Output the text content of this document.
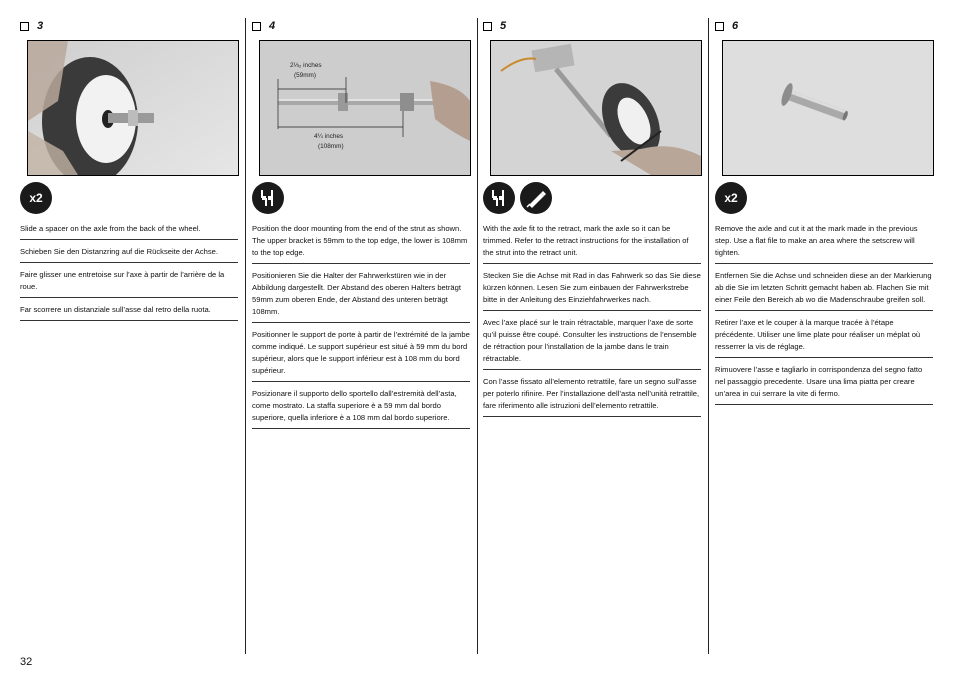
3
x2
Slide a spacer on the axle from the back of the wheel.
Schieben Sie den Distanzring auf die Rückseite der Achse.
Faire glisser une entretoise sur l’axe à partir de l’arrière de la roue.
Far scorrere un distanziale sull’asse dal retro della ruota.
4
2⅓₂ inches
(59mm)
4¼ inches
(108mm)
Position the door mounting from the end of the strut as shown. The upper bracket is 59mm to the top edge, the lower is 108mm to the top edge.
Positionieren Sie die Halter der Fahrwerkstüren wie in der Abbildung dargestellt. Der Abstand des oberen Halters beträgt 59mm zum oberen Ende, der Abstand des unteren beträgt 108mm.
Positionner le support de porte à partir de l’extrémité de la jambe comme indiqué. Le support supérieur est situé à 59 mm du bord supérieur, alors que le support inférieur est à 108 mm du bord supérieur.
Posizionare il supporto dello sportello dall’estremità dell’asta, come mostrato. La staffa superiore è a 59 mm dal bordo superiore, quella inferiore è a 108 mm dal bordo superiore.
5
With the axle fit to the retract, mark the axle so it can be trimmed. Refer to the retract instructions for the installation of the strut into the retract unit.
Stecken Sie die Achse mit Rad in das Fahrwerk so das Sie diese kürzen können. Lesen Sie zum einbauen der Fahrwerkstrebe bitte in der Anleitung des Einziehfahrwerkes nach.
Avec l’axe placé sur le train rétractable, marquer l’axe de sorte qu’il puisse être coupé. Consulter les instructions de l’ensemble de rétraction pour l’installation de la jambe dans le train rétractable.
Con l’asse fissato all’elemento retrattile, fare un segno sull’asse per poterlo rifinire. Per l’installazione dell’asta nell’unità retrattile, fare riferimento alle istruzioni dell’elemento retrattile.
6
x2
Remove the axle and cut it at the mark made in the previous step. Use a flat file to make an area where the setscrew will tighten.
Entfernen Sie die Achse und schneiden diese an der Markierung ab die Sie im letzten Schritt gemacht haben ab. Flachen Sie mit einer Feile den Bereich ab wo die Madenschraube greifen soll.
Retirer l’axe et le couper à la marque tracée à l’étape précédente. Utiliser une lime plate pour réaliser un méplat où resserrer la vis de réglage.
Rimuovere l’asse e tagliarlo in corrispondenza del segno fatto nel passaggio precedente. Usare una lima piatta per creare un’area in cui serrare la vite di fermo.
32
